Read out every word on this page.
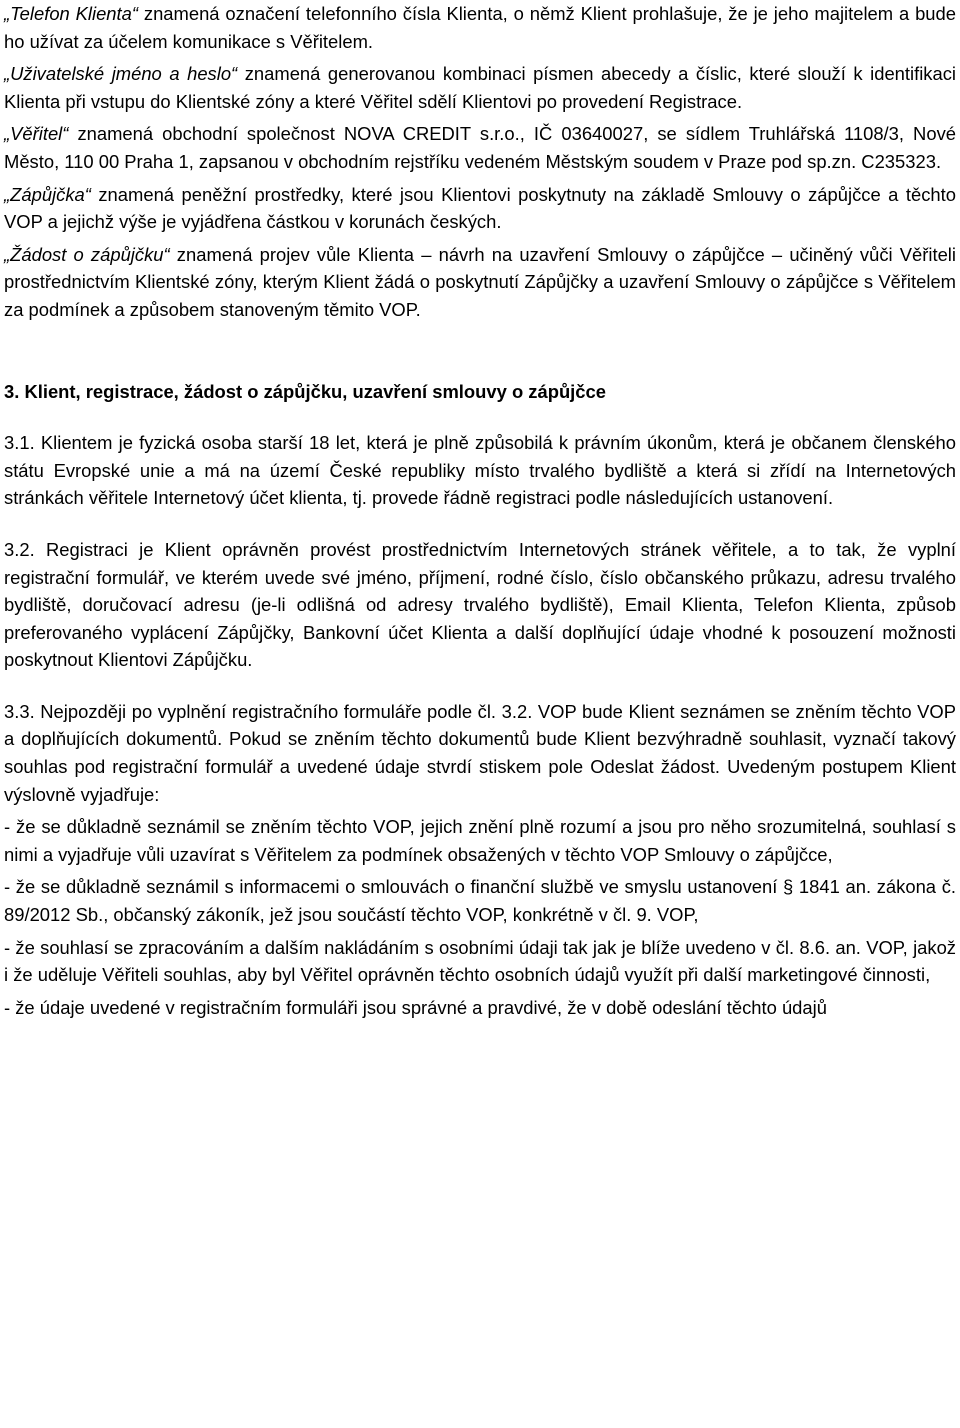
„Telefon Klienta“ znamená označení telefonního čísla Klienta, o němž Klient prohlašuje, že je jeho majitelem a bude ho užívat za účelem komunikace s Věřitelem.

„Uživatelské jméno a heslo“ znamená generovanou kombinaci písmen abecedy a číslic, které slouží k identifikaci Klienta při vstupu do Klientské zóny a které Věřitel sdělí Klientovi po provedení Registrace.

„Věřitel“ znamená obchodní společnost NOVA CREDIT s.r.o., IČ 03640027, se sídlem Truhlářská 1108/3, Nové Město, 110 00 Praha 1, zapsanou v obchodním rejstříku vedeném Městským soudem v Praze pod sp.zn. C235323.

„Zápůjčka“ znamená peněžní prostředky, které jsou Klientovi poskytnuty na základě Smlouvy o zápůjčce a těchto VOP a jejichž výše je vyjádřena částkou v korunách českých.

„Žádost o zápůjčku“ znamená projev vůle Klienta – návrh na uzavření Smlouvy o zápůjčce – učiněný vůči Věřiteli prostřednictvím Klientské zóny, kterým Klient žádá o poskytnutí Zápůjčky a uzavření Smlouvy o zápůjčce s Věřitelem za podmínek a způsobem stanoveným těmito VOP.

3. Klient, registrace, žádost o zápůjčku, uzavření smlouvy o zápůjčce

3.1. Klientem je fyzická osoba starší 18 let, která je plně způsobilá k právním úkonům, která je občanem členského státu Evropské unie a má na území České republiky místo trvalého bydliště a která si zřídí na Internetových stránkách věřitele Internetový účet klienta, tj. provede řádně registraci podle následujících ustanovení.

3.2. Registraci je Klient oprávněn provést prostřednictvím Internetových stránek věřitele, a to tak, že vyplní registrační formulář, ve kterém uvede své jméno, příjmení, rodné číslo, číslo občanského průkazu, adresu trvalého bydliště, doručovací adresu (je-li odlišná od adresy trvalého bydliště), Email Klienta, Telefon Klienta, způsob preferovaného vyplácení Zápůjčky, Bankovní účet Klienta a další doplňující údaje vhodné k posouzení možnosti poskytnout Klientovi Zápůjčku.

3.3. Nejpozději po vyplnění registračního formuláře podle čl. 3.2. VOP bude Klient seznámen se zněním těchto VOP a doplňujících dokumentů. Pokud se zněním těchto dokumentů bude Klient bezvýhradně souhlasit, vyznačí takový souhlas pod registrační formulář a uvedené údaje stvrdí stiskem pole Odeslat žádost. Uvedeným postupem Klient výslovně vyjadřuje:

- že se důkladně seznámil se zněním těchto VOP, jejich znění plně rozumí a jsou pro něho srozumitelná, souhlasí s nimi a vyjadřuje vůli uzavírat s Věřitelem za podmínek obsažených v těchto VOP Smlouvy o zápůjčce,

- že se důkladně seznámil s informacemi o smlouvách o finanční službě ve smyslu ustanovení § 1841 an. zákona č. 89/2012 Sb., občanský zákoník, jež jsou součástí těchto VOP, konkrétně v čl. 9. VOP,

- že souhlasí se zpracováním a dalším nakládáním s osobními údaji tak jak je blíže uvedeno v čl. 8.6. an. VOP, jakož i že uděluje Věřiteli souhlas, aby byl Věřitel oprávněn těchto osobních údajů využít při další marketingové činnosti,

- že údaje uvedené v registračním formuláři jsou správné a pravdivé, že v době odeslání těchto údajů
